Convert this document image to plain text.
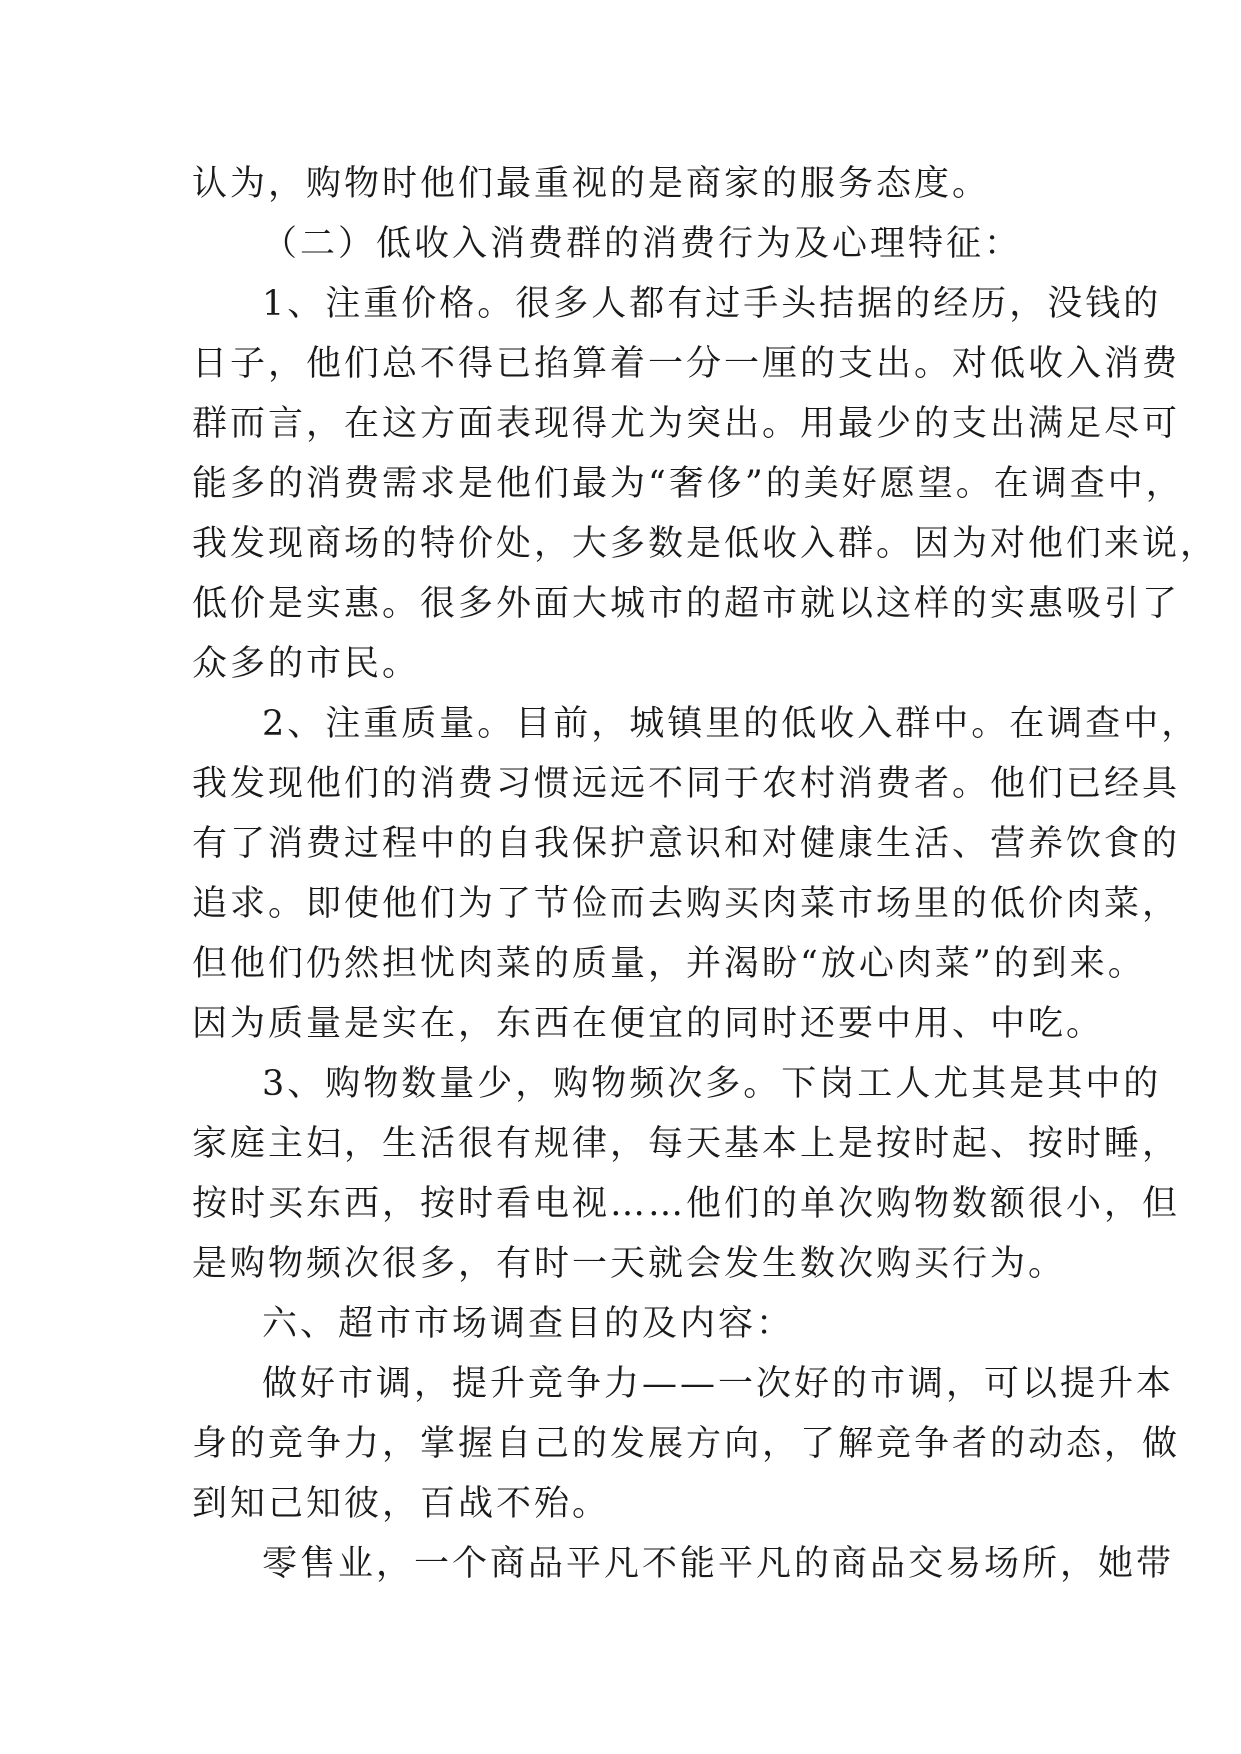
认为，购物时他们最重视的是商家的服务态度。
（二）低收入消费群的消费行为及心理特征：
1、注重价格。很多人都有过手头拮据的经历，没钱的
日子，他们总不得已掐算着一分一厘的支出。对低收入消费
群而言，在这方面表现得尤为突出。用最少的支出满足尽可
能多的消费需求是他们最为“奢侈”的美好愿望。在调查中，
我发现商场的特价处，大多数是低收入群。因为对他们来说，
低价是实惠。很多外面大城市的超市就以这样的实惠吸引了
众多的市民。
2、注重质量。目前，城镇里的低收入群中。在调查中，
我发现他们的消费习惯远远不同于农村消费者。他们已经具
有了消费过程中的自我保护意识和对健康生活、营养饮食的
追求。即使他们为了节俭而去购买肉菜市场里的低价肉菜，
但他们仍然担忧肉菜的质量，并渴盼“放心肉菜”的到来。
因为质量是实在，东西在便宜的同时还要中用、中吃。
3、购物数量少，购物频次多。下岗工人尤其是其中的
家庭主妇，生活很有规律，每天基本上是按时起、按时睡，
按时买东西，按时看电视……他们的单次购物数额很小，但
是购物频次很多，有时一天就会发生数次购买行为。
六、超市市场调查目的及内容：
做好市调，提升竞争力——一次好的市调，可以提升本
身的竞争力，掌握自己的发展方向，了解竞争者的动态，做
到知己知彼，百战不殆。
零售业，一个商品平凡不能平凡的商品交易场所，她带
